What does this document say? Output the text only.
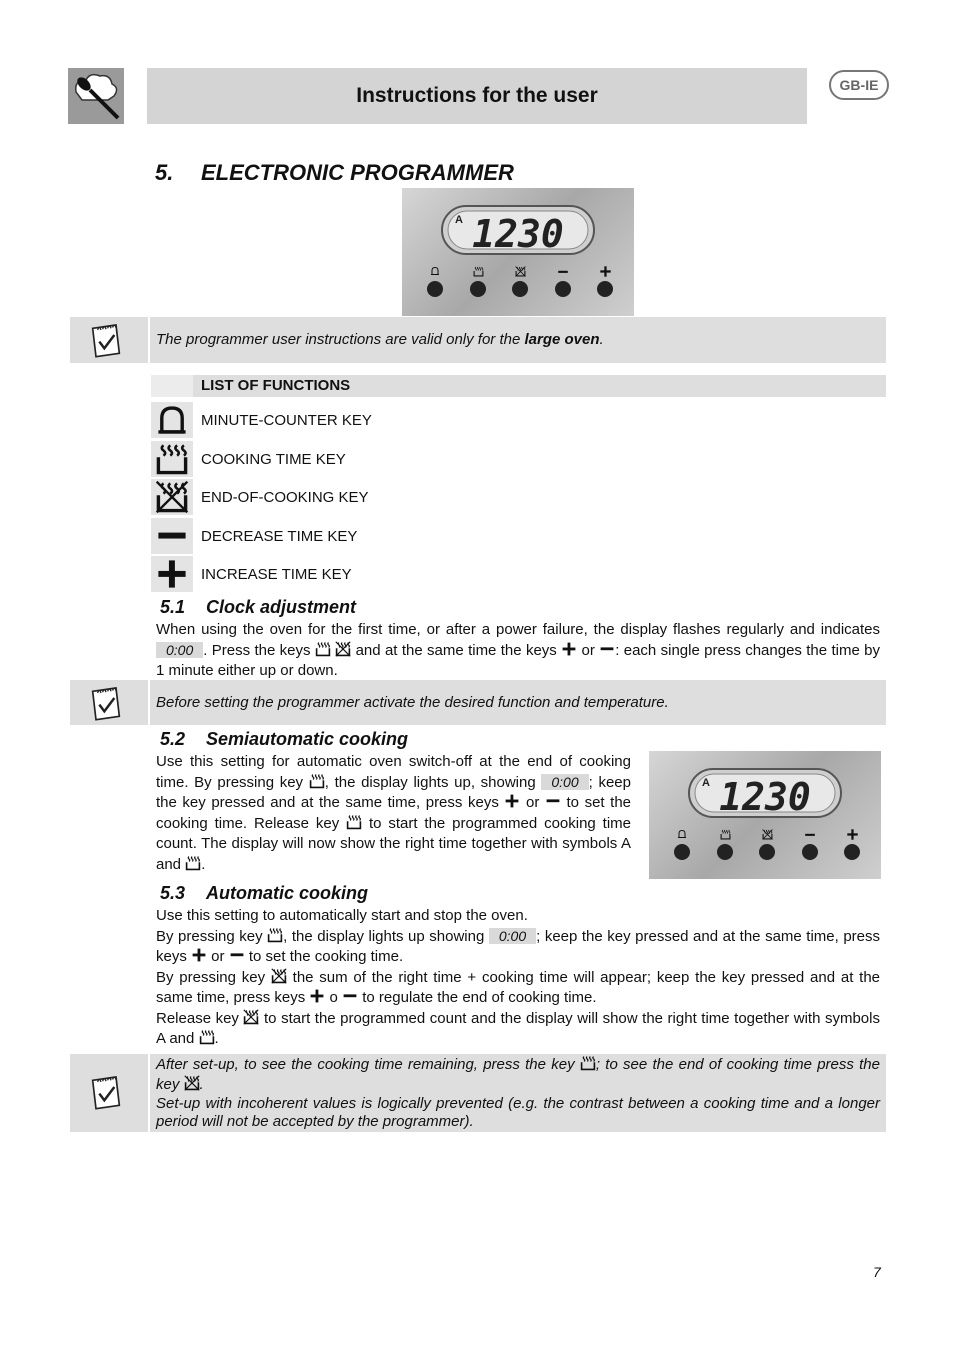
Instructions for the user	GB-IE
5. ELECTRONIC PROGRAMMER
The programmer user instructions are valid only for the large oven.
LIST OF FUNCTIONS
MINUTE-COUNTER KEY
COOKING TIME KEY
END-OF-COOKING KEY
DECREASE TIME KEY
INCREASE TIME KEY
5.1 Clock adjustment
When using the oven for the first time, or after a power failure, the display flashes regularly and indicates 0:00 . Press the keys   and at the same time the keys  or : each single press changes the time by 1 minute either up or down.
Before setting the programmer activate the desired function and temperature.
5.2 Semiautomatic cooking
Use this setting for automatic oven switch-off at the end of cooking time. By pressing key , the display lights up, showing 0:00 ; keep the key pressed and at the same time, press keys  or  to set the cooking time. Release key  to start the programmed cooking time count. The display will now show the right time together with symbols A and .
5.3 Automatic cooking
Use this setting to automatically start and stop the oven.
By pressing key , the display lights up showing 0:00 ; keep the key pressed and at the same time, press keys  or  to set the cooking time.
By pressing key  the sum of the right time + cooking time will appear; keep the key pressed and at the same time, press keys  o  to regulate the end of cooking time.
Release key  to start the programmed count and the display will show the right time together with symbols A and .
After set-up, to see the cooking time remaining, press the key ; to see the end of cooking time press the key .
Set-up with incoherent values is logically prevented (e.g. the contrast between a cooking time and a longer period will not be accepted by the programmer).
7
